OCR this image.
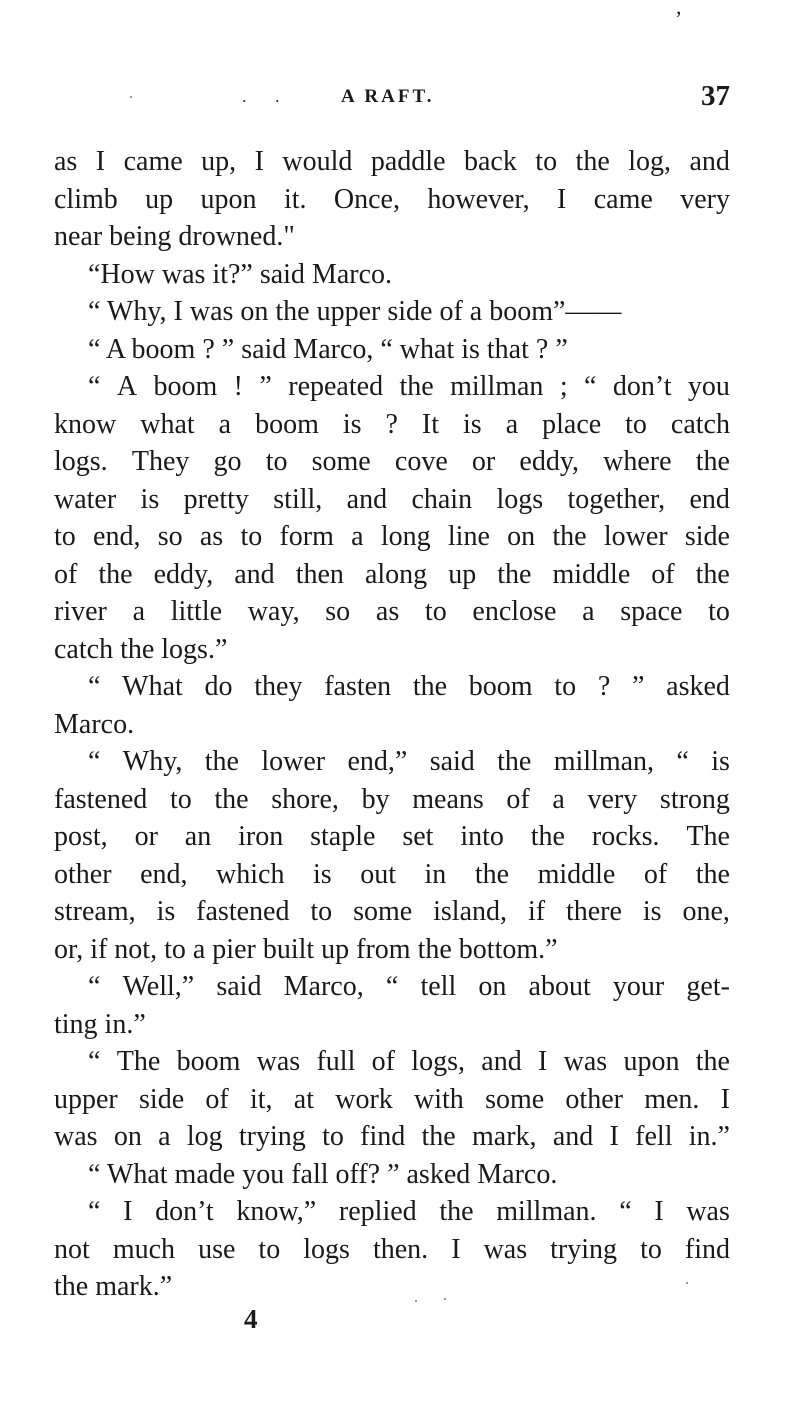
,
. .	A RAFT.	37
as I came up, I would paddle back to the log, and
climb up upon it. Once, however, I came very
near being drowned."
“How was it?” said Marco.
“ Why, I was on the upper side of a boom”——
“ A boom ? ” said Marco, “ what is that ? ”
“ A boom ! ” repeated the millman ; “ don’t you
know what a boom is ? It is a place to catch
logs. They go to some cove or eddy, where the
water is pretty still, and chain logs together, end
to end, so as to form a long line on the lower side
of the eddy, and then along up the middle of the
river a little way, so as to enclose a space to
catch the logs.”
“ What do they fasten the boom to ? ” asked
Marco.
“ Why, the lower end,” said the millman, “ is
fastened to the shore, by means of a very strong
post, or an iron staple set into the rocks. The
other end, which is out in the middle of the
stream, is fastened to some island, if there is one,
or, if not, to a pier built up from the bottom.”
“ Well,” said Marco, “ tell on about your get-
ting in.”
“ The boom was full of logs, and I was upon the
upper side of it, at work with some other men. I
was on a log trying to find the mark, and I fell in.”
“ What made you fall off? ” asked Marco.
“ I don’t know,” replied the millman. “ I was
not much use to logs then. I was trying to find
the mark.”
4
